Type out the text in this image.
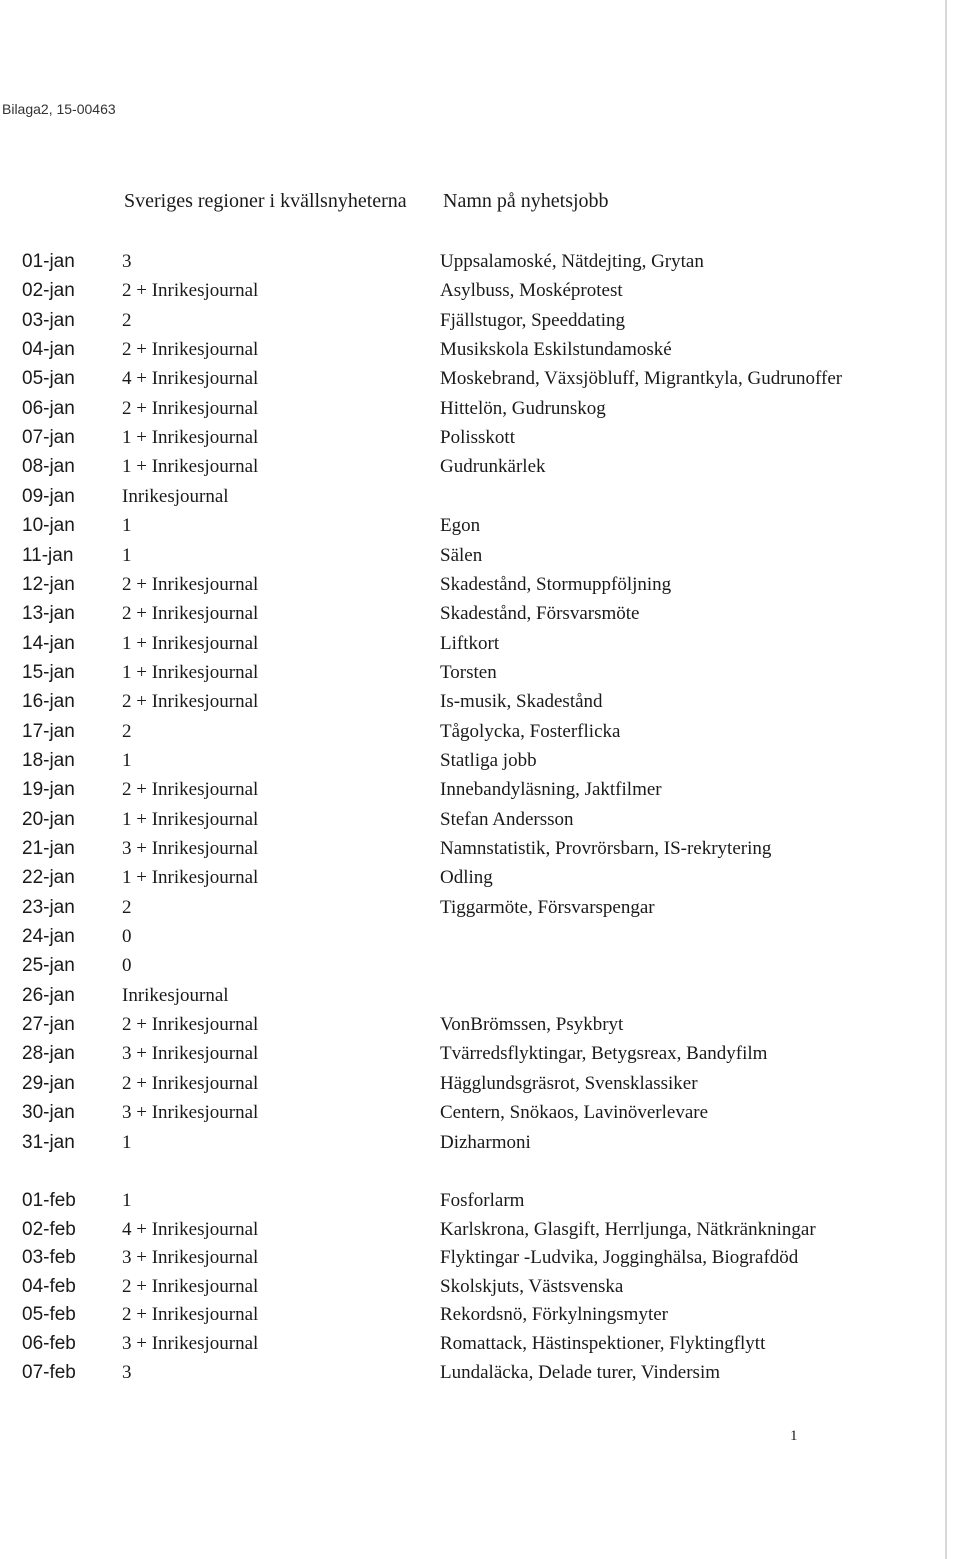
Bilaga2, 15-00463
Sveriges regioner i kvällsnyheterna Namn på nyhetsjobb
01-jan 3	Uppsalamoské, Nätdejting, Grytan
02-jan 2 + Inrikesjournal	Asylbuss, Mosképrotest
03-jan 2	Fjällstugor, Speeddating
04-jan 2 + Inrikesjournal	Musikskola Eskilstundamoské
05-jan 4 + Inrikesjournal	Moskebrand, Växsjöbluff, Migrantkyla, Gudrunoffer
06-jan 2 + Inrikesjournal	Hittelön, Gudrunskog
07-jan 1 + Inrikesjournal	Polisskott
08-jan 1 + Inrikesjournal	Gudrunkärlek
09-jan Inrikesjournal
10-jan 1	Egon
11-jan	1	Sälen
12-jan 2 + Inrikesjournal	Skadestånd, Stormuppföljning
13-jan 2 + Inrikesjournal	Skadestånd, Försvarsmöte
14-jan 1 + Inrikesjournal	Liftkort
15-jan 1 + Inrikesjournal	Torsten
16-jan 2 + Inrikesjournal	Is-musik, Skadestånd
17-jan 2	Tågolycka, Fosterflicka
18-jan 1	Statliga jobb
19-jan 2 + Inrikesjournal	Innebandyläsning, Jaktfilmer
20-jan 1 + Inrikesjournal	Stefan Andersson
21-jan 3 + Inrikesjournal	Namnstatistik, Provrörsbarn, IS-rekrytering
22-jan 1 + Inrikesjournal	Odling
23-jan 2	Tiggarmöte, Försvarspengar
24-jan 0
25-jan 0
26-jan Inrikesjournal
27-jan 2 + Inrikesjournal	VonBrömssen, Psykbryt
28-jan 3 + Inrikesjournal	Tvärredsflyktingar, Betygsreax, Bandyfilm
29-jan 2 + Inrikesjournal	Hägglundsgräsrot, Svensklassiker
30-jan 3 + Inrikesjournal	Centern, Snökaos, Lavinöverlevare
31-jan 1	Dizharmoni
01-feb 1	Fosforlarm
02-feb 4 + Inrikesjournal	Karlskrona, Glasgift, Herrljunga, Nätkränkningar
03-feb 3 + Inrikesjournal	Flyktingar -Ludvika, Jogginghälsa, Biografdöd
04-feb 2 + Inrikesjournal	Skolskjuts, Västsvenska
05-feb 2 + Inrikesjournal	Rekordsnö, Förkylningsmyter
06-feb 3 + Inrikesjournal	Romattack, Hästinspektioner, Flyktingflytt
07-feb 3	Lundaläcka, Delade turer, Vindersim
1
